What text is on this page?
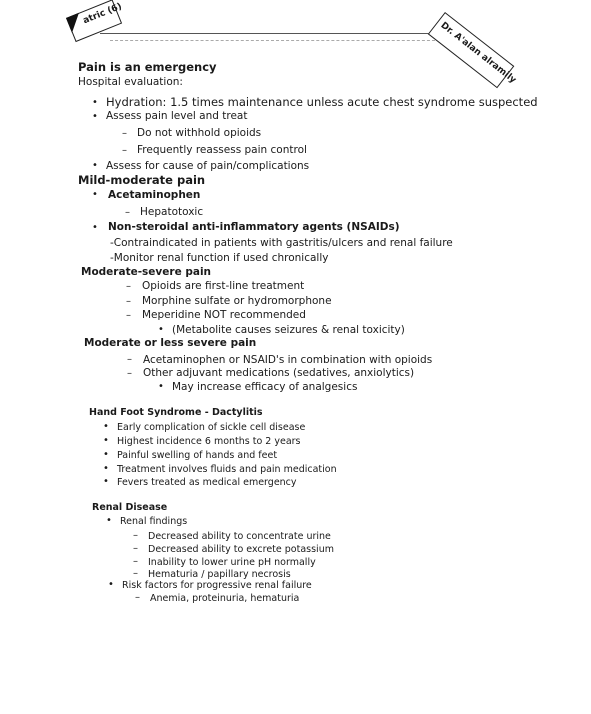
atric (6)
Dr. A'alan alramily
Pain is an emergency
Hospital evaluation:
• Hydration: 1.5 times maintenance unless acute chest syndrome suspected
• Assess pain level and treat
– Do not withhold opioids
– Frequently reassess pain control
• Assess for cause of pain/complications
Mild-moderate pain
• Acetaminophen
– Hepatotoxic
• Non-steroidal anti-inflammatory agents (NSAIDs)
-Contraindicated in patients with gastritis/ulcers and renal failure
-Monitor renal function if used chronically
Moderate-severe pain
– Opioids are first-line treatment
– Morphine sulfate or hydromorphone
– Meperidine NOT recommended
• (Metabolite causes seizures & renal toxicity)
Moderate or less severe pain
– Acetaminophen or NSAID's in combination with opioids
– Other adjuvant medications (sedatives, anxiolytics)
• May increase efficacy of analgesics
Hand Foot Syndrome - Dactylitis
• Early complication of sickle cell disease
• Highest incidence 6 months to 2 years
• Painful swelling of hands and feet
• Treatment involves fluids and pain medication
• Fevers treated as medical emergency
Renal Disease
• Renal findings
– Decreased ability to concentrate urine
– Decreased ability to excrete potassium
– Inability to lower urine pH normally
– Hematuria / papillary necrosis
• Risk factors for progressive renal failure
– Anemia, proteinuria, hematuria
